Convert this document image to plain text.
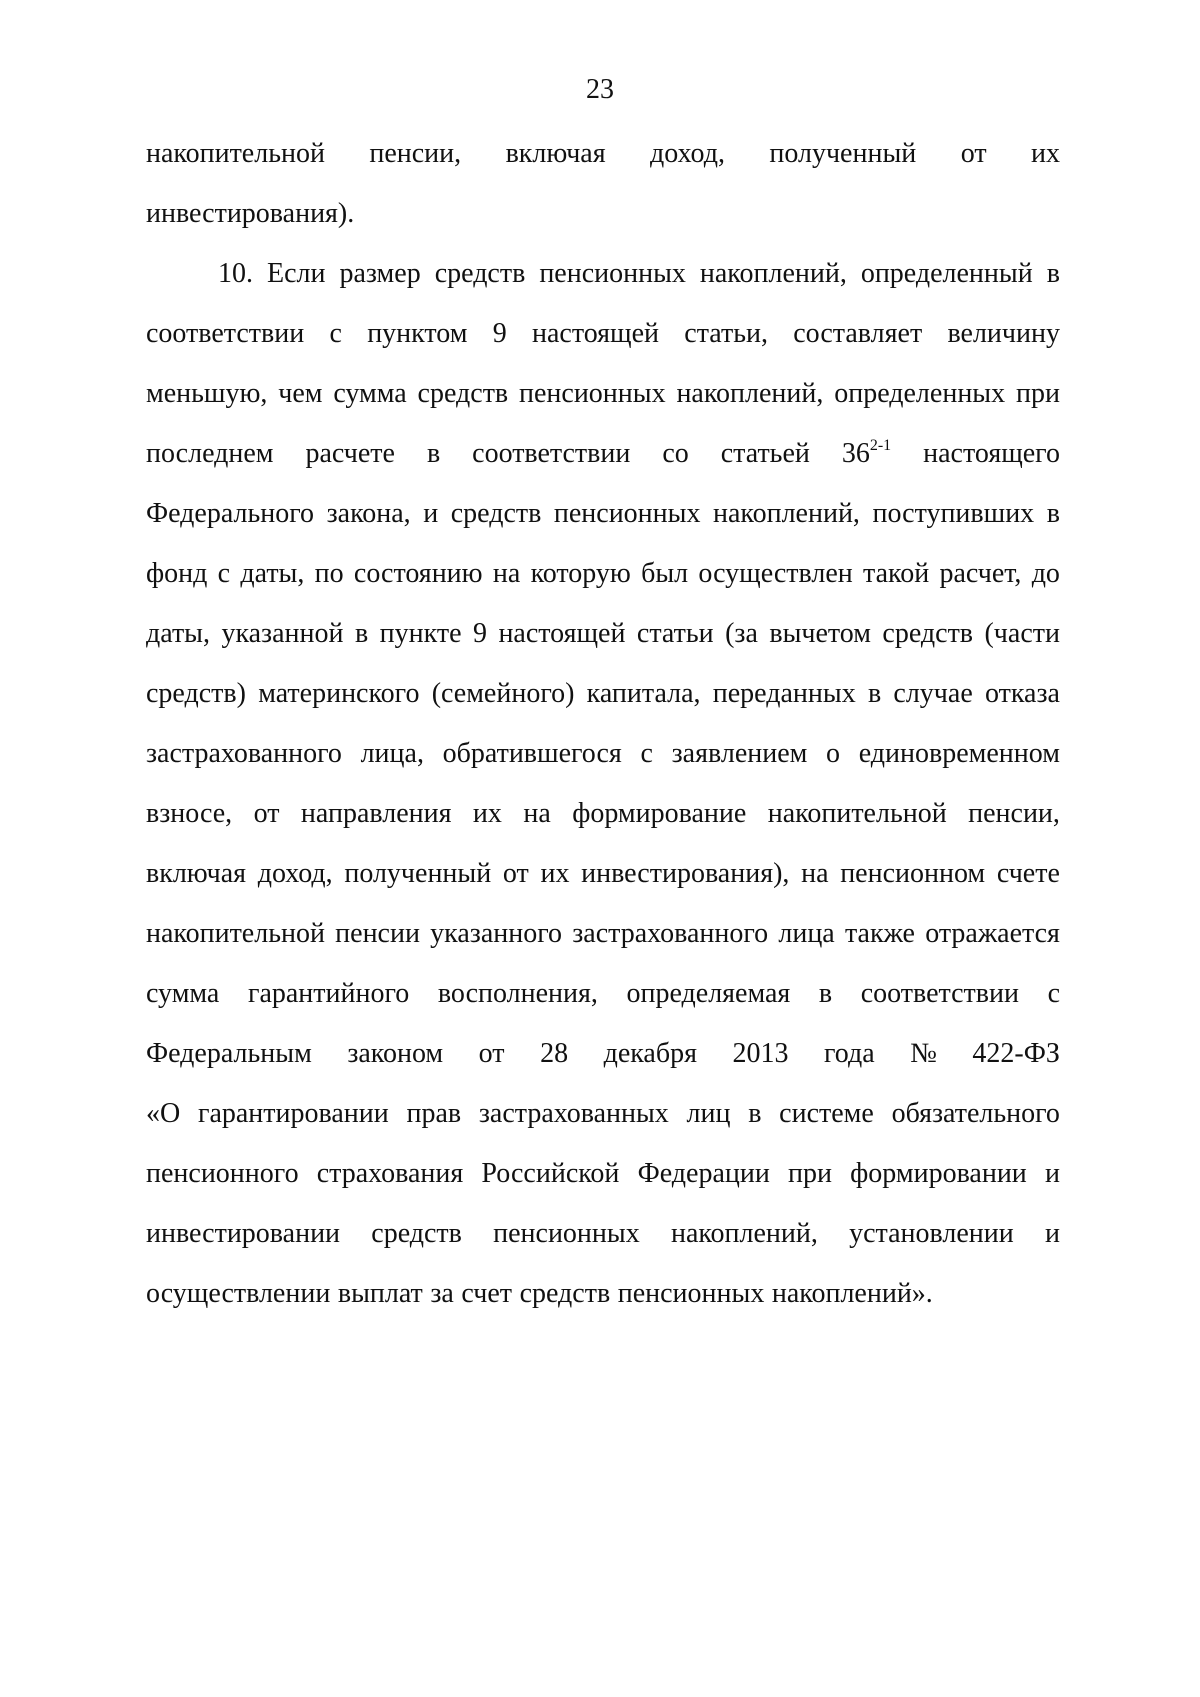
23
накопительной пенсии, включая доход, полученный от их
инвестирования).
10. Если размер средств пенсионных накоплений, определенный в
соответствии с пунктом 9 настоящей статьи, составляет величину
меньшую, чем сумма средств пенсионных накоплений, определенных при
последнем расчете в соответствии со статьей 36$^{2-1}$ настоящего
Федерального закона, и средств пенсионных накоплений, поступивших в
фонд с даты, по состоянию на которую был осуществлен такой расчет, до
даты, указанной в пункте 9 настоящей статьи (за вычетом средств (части
средств) материнского (семейного) капитала, переданных в случае отказа
застрахованного лица, обратившегося с заявлением о единовременном
взносе, от направления их на формирование накопительной пенсии,
включая доход, полученный от их инвестирования), на пенсионном счете
накопительной пенсии указанного застрахованного лица также отражается
сумма гарантийного восполнения, определяемая в соответствии с
Федеральным законом от 28 декабря 2013 года № 422-ФЗ
«О гарантировании прав застрахованных лиц в системе обязательного
пенсионного страхования Российской Федерации при формировании и
инвестировании средств пенсионных накоплений, установлении и
осуществлении выплат за счет средств пенсионных накоплений».
